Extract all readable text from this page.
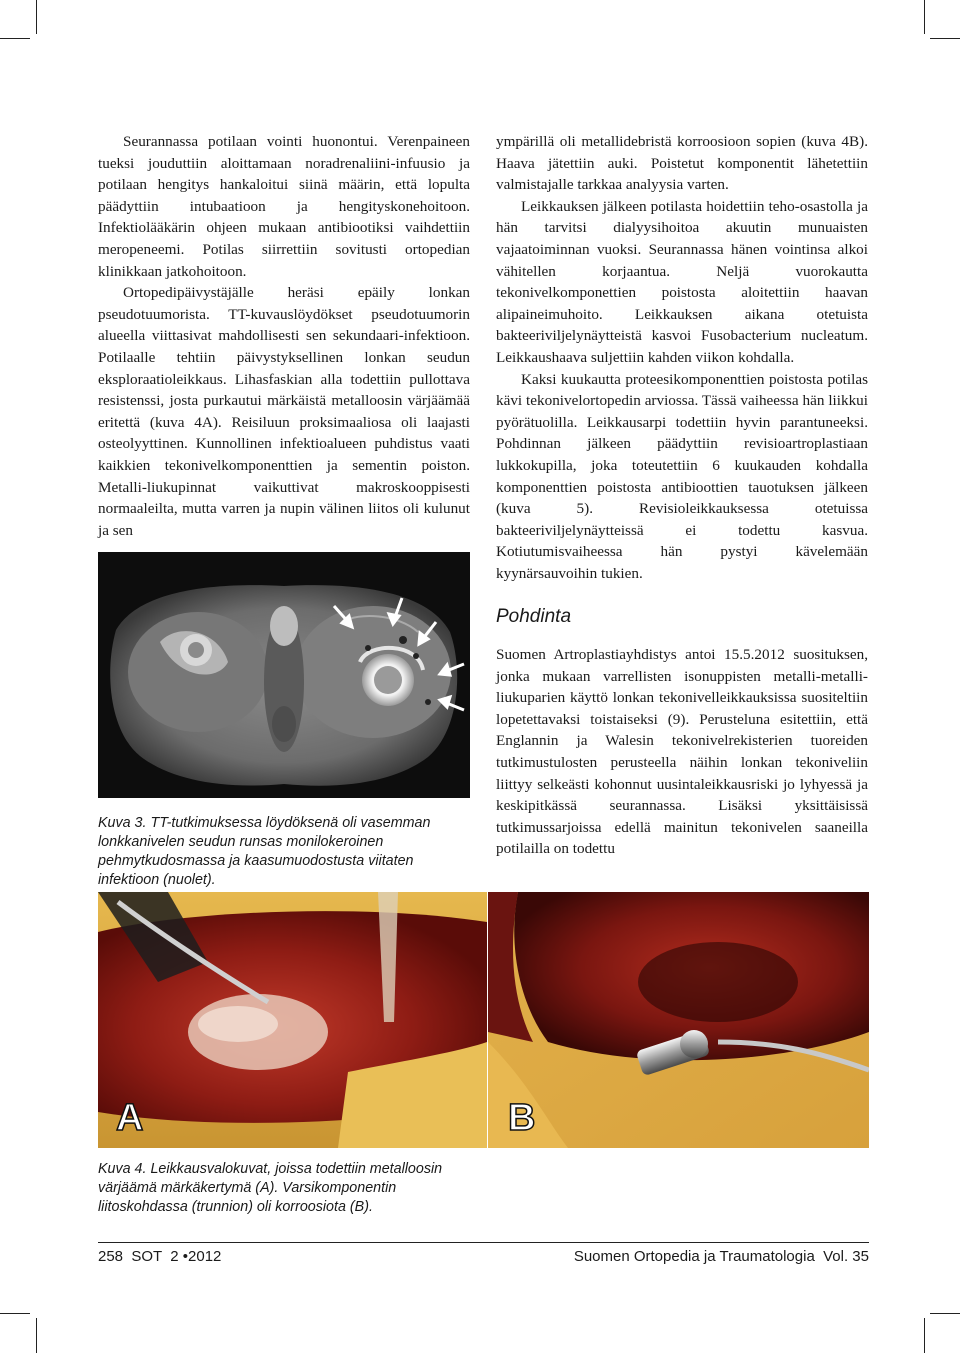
Seurannassa potilaan vointi huonontui. Verenpaineen tueksi jouduttiin aloittamaan noradrenaliini-infuusio ja potilaan hengitys hankaloitui siinä määrin, että lopulta päädyttiin intubaatioon ja hengityskonehoitoon. Infektiolääkärin ohjeen mukaan antibiootiksi vaihdettiin meropeneemi. Potilas siirrettiin sovitusti ortopedian klinikkaan jatkohoitoon.

Ortopedipäivystäjälle heräsi epäily lonkan pseudotuumorista. TT-kuvauslöydökset pseudotuumorin alueella viittasivat mahdollisesti sen sekundaari-infektioon. Potilaalle tehtiin päivystyksellinen lonkan seudun eksploraatioleikkaus. Lihasfaskian alla todettiin pullottava resistenssi, josta purkautui märkäistä metalloosin värjäämää eritettä (kuva 4A). Reisiluun proksimaaliosa oli laajasti osteolyyttinen. Kunnollinen infektioalueen puhdistus vaati kaikkien tekonivelkomponenttien ja sementin poiston. Metalli-liukupinnat vaikuttivat makroskooppisesti normaaleilta, mutta varren ja nupin välinen liitos oli kulunut ja sen

ympärillä oli metallidebristä korroosioon sopien (kuva 4B). Haava jätettiin auki. Poistetut komponentit lähetettiin valmistajalle tarkkaa analyysia varten.

Leikkauksen jälkeen potilasta hoidettiin teho-osastolla ja hän tarvitsi dialyysihoitoa akuutin munuaisten vajaatoiminnan vuoksi. Seurannassa hänen vointinsa alkoi vähitellen korjaantua. Neljä vuorokautta tekonivelkomponettien poistosta aloitettiin haavan alipaineimuhoito. Leikkauksen aikana otetuista bakteeriviljelynäytteistä kasvoi Fusobacterium nucleatum. Leikkaushaava suljettiin kahden viikon kohdalla.

Kaksi kuukautta proteesikomponenttien poistosta potilas kävi tekonivelortopedin arviossa. Tässä vaiheessa hän liikkui pyörätuolilla. Leikkausarpi todettiin hyvin parantuneeksi. Pohdinnan jälkeen päädyttiin revisioartroplastiaan lukkokupilla, joka toteutettiin 6 kuukauden kohdalla komponenttien poistosta antibioottien tauotuksen jälkeen (kuva 5). Revisioleikkauksessa otetuissa bakteeriviljelynäytteissä ei todettu kasvua. Kotiutumisvaiheessa hän pystyi kävelemään kyynärsauvoihin tukien.

Pohdinta

Suomen Artroplastiayhdistys antoi 15.5.2012 suosituksen, jonka mukaan varrellisten isonuppisten metalli-metalli-liukuparien käyttö lonkan tekonivelleikkauksissa suositeltiin lopetettavaksi toistaiseksi (9). Perusteluna esitettiin, että Englannin ja Walesin tekonivelrekisterien tuoreiden tutkimustulosten perusteella näihin lonkan tekoniveliin liittyy selkeästi kohonnut uusintaleikkausriski jo lyhyessä ja keskipitkässä seurannassa. Lisäksi yksittäisissä tutkimussarjoissa edellä mainitun tekonivelen saaneilla potilailla on todettu

Kuva 3. TT-tutkimuksessa löydöksenä oli vasemman lonkkanivelen seudun runsas monilokeroinen pehmytkudosmassa ja kaasumuodostusta viitaten infektioon (nuolet).
A	B
Kuva 4. Leikkausvalokuvat, joissa todettiin metalloosin värjäämä märkäkertymä (A). Varsikomponentin liitoskohdassa (trunnion) oli korroosiota (B).
258  SOT  2 •2012	Suomen Ortopedia ja Traumatologia  Vol. 35
